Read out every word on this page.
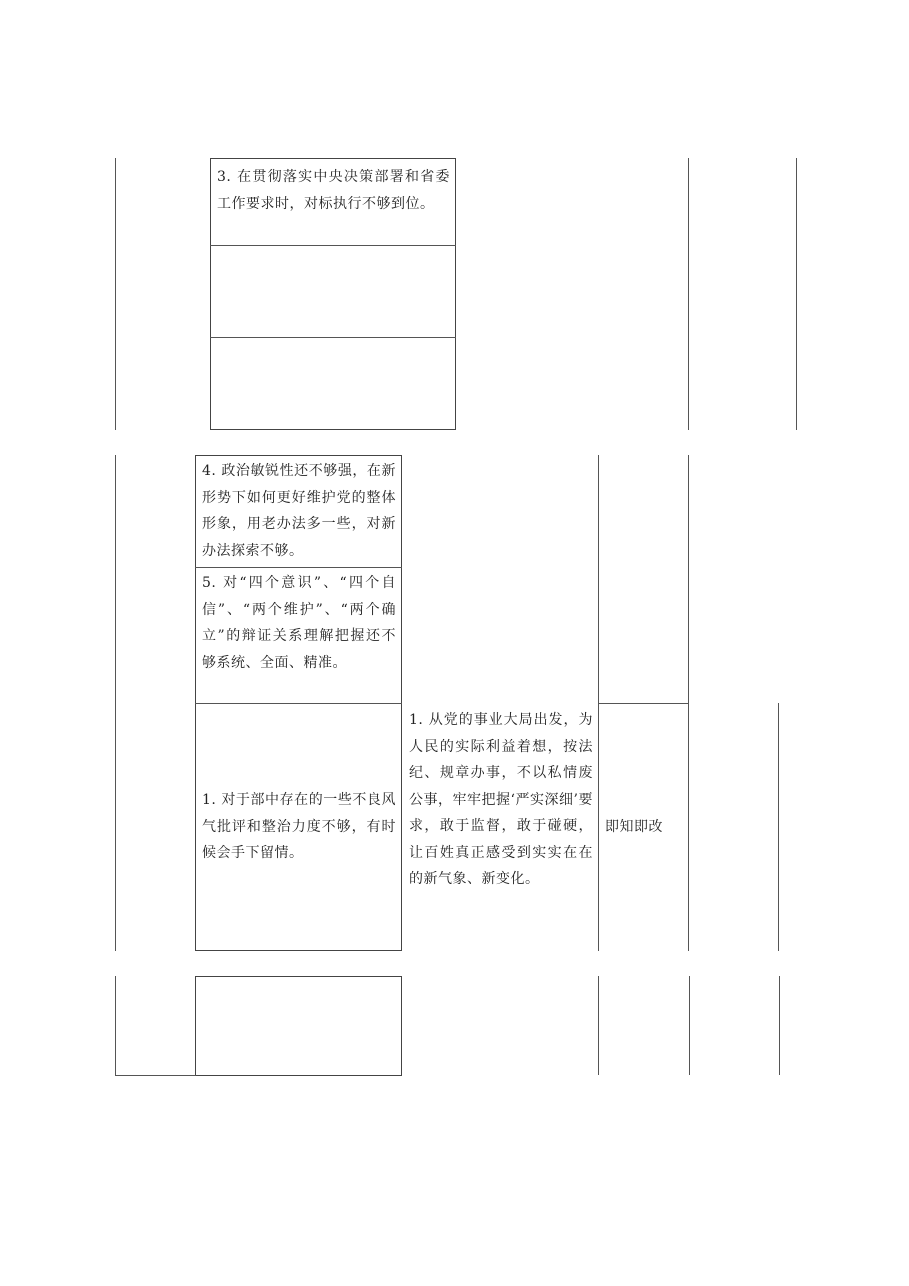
3. 在贯彻落实中央决策部署和省委工作要求时，对标执行不够到位。
4. 政治敏锐性还不够强，在新形势下如何更好维护党的整体形象，用老办法多一些，对新办法探索不够。
5. 对“四个意识”、“四个自信”、“两个维护”、“两个确立”的辩证关系理解把握还不够系统、全面、精准。
1. 对于部中存在的一些不良风气批评和整治力度不够，有时候会手下留情。
1. 从党的事业大局出发，为人民的实际利益着想，按法纪、规章办事，不以私情废公事，牢牢把握‘严实深细’要求，敢于监督，敢于碰硬，让百姓真正感受到实实在在的新气象、新变化。
即知即改
